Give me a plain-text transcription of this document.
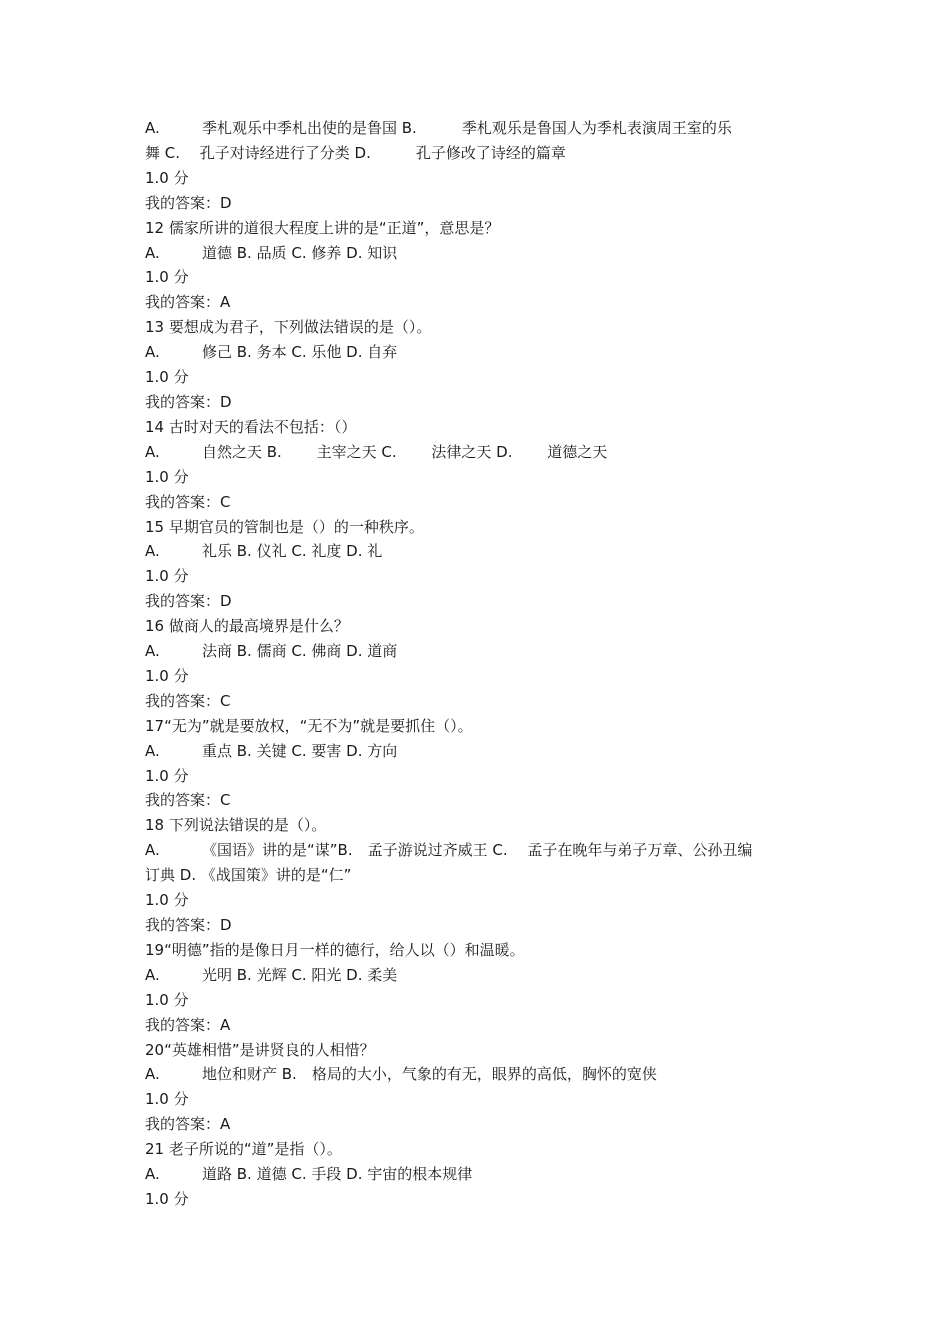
A.	季札观乐中季札出使的是鲁国 B.　　　季札观乐是鲁国人为季札表演周王室的乐
舞 C.　 孔子对诗经进行了分类 D.　　　孔子修改了诗经的篇章
1.0 分
我的答案：D
12 儒家所讲的道很大程度上讲的是“正道”，意思是？
A.	道德 B. 品质 C. 修养 D. 知识
1.0 分
我的答案：A
13 要想成为君子，下列做法错误的是（）。
A.	修己 B. 务本 C. 乐他 D. 自弃
1.0 分
我的答案：D
14 古时对天的看法不包括：（）
A.	自然之天 B.　　 主宰之天 C.　　 法律之天 D.　　 道德之天
1.0 分
我的答案：C
15 早期官员的管制也是（）的一种秩序。
A.	礼乐 B. 仪礼 C. 礼度 D. 礼
1.0 分
我的答案：D
16 做商人的最高境界是什么？
A.	法商 B. 儒商 C. 佛商 D. 道商
1.0 分
我的答案：C
17“无为”就是要放权，“无不为”就是要抓住（）。
A.	重点 B. 关键 C. 要害 D. 方向
1.0 分
我的答案：C
18 下列说法错误的是（）。
A.	《国语》讲的是“谋”B.　孟子游说过齐威王 C.　 孟子在晚年与弟子万章、公孙丑编
订典 D. 《战国策》讲的是“仁”
1.0 分
我的答案：D
19“明德”指的是像日月一样的德行，给人以（）和温暖。
A.	光明 B. 光辉 C. 阳光 D. 柔美
1.0 分
我的答案：A
20“英雄相惜”是讲贤良的人相惜？
A.	地位和财产 B.　格局的大小，气象的有无，眼界的高低，胸怀的宽侠
1.0 分
我的答案：A
21 老子所说的“道”是指（）。
A.	道路 B. 道德 C. 手段 D. 宇宙的根本规律
1.0 分
